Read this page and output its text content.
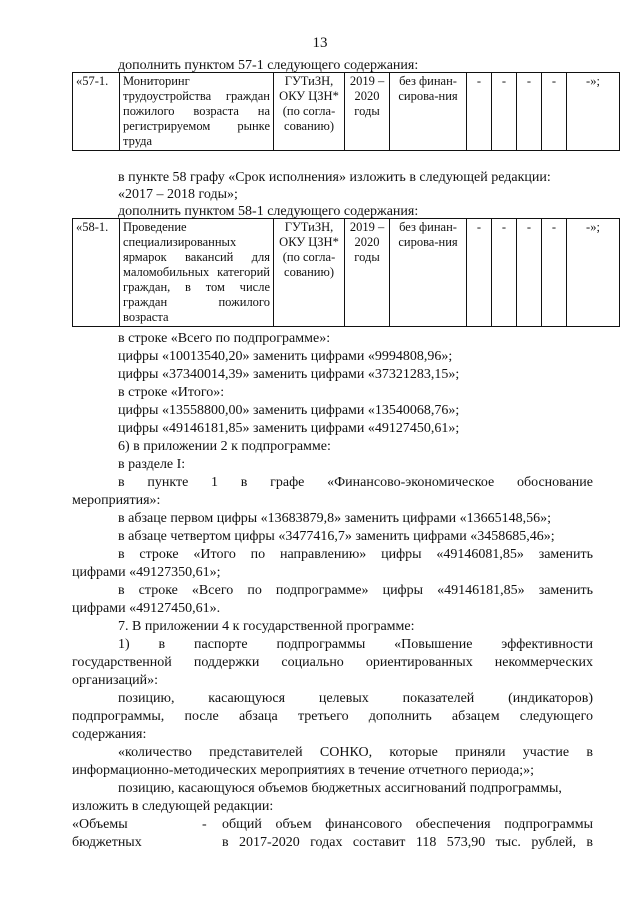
13
дополнить пунктом 57-1 следующего содержания:
«57-1.	Мониторинг трудоустройства граждан пожилого возраста на регистрируемом рынке труда	ГУТиЗН, ОКУ ЦЗН* (по согла-сованию)	2019 – 2020 годы	без финан-сирова-ния	-	-	-	-	-»;
в пункте 58 графу «Срок исполнения» изложить в следующей редакции:
«2017 – 2018 годы»;
дополнить пунктом 58-1 следующего содержания:
«58-1.	Проведение специализированных ярмарок вакансий для маломобильных категорий граждан, в том числе граждан пожилого возраста	ГУТиЗН, ОКУ ЦЗН* (по согла-сованию)	2019 – 2020 годы	без финан-сирова-ния	-	-	-	-	-»;
в строке «Всего по подпрограмме»:
цифры «10013540,20» заменить цифрами «9994808,96»;
цифры «37340014,39» заменить цифрами «37321283,15»;
в строке «Итого»:
цифры «13558800,00» заменить цифрами «13540068,76»;
цифры «49146181,85» заменить цифрами «49127450,61»;
6) в приложении 2 к подпрограмме:
в разделе I:
в пункте 1 в графе «Финансово-экономическое обоснование
мероприятия»:
в абзаце первом цифры «13683879,8» заменить цифрами «13665148,56»;
в абзаце четвертом цифры «3477416,7» заменить цифрами «3458685,46»;
в строке «Итого по направлению» цифры «49146081,85» заменить
цифрами «49127350,61»;
в строке «Всего по подпрограмме» цифры «49146181,85» заменить
цифрами «49127450,61».
7. В приложении 4 к государственной программе:
1) в паспорте подпрограммы «Повышение эффективности
государственной поддержки социально ориентированных некоммерческих
организаций»:
позицию, касающуюся целевых показателей (индикаторов)
подпрограммы, после абзаца третьего дополнить абзацем следующего
содержания:
«количество представителей СОНКО, которые приняли участие в
информационно-методических мероприятиях в течение отчетного периода;»;
позицию, касающуюся объемов бюджетных ассигнований подпрограммы,
изложить в следующей редакции:
«Объемы
бюджетных
- общий объем финансового обеспечения подпрограммы
в 2017-2020 годах составит 118 573,90 тыс. рублей, в
